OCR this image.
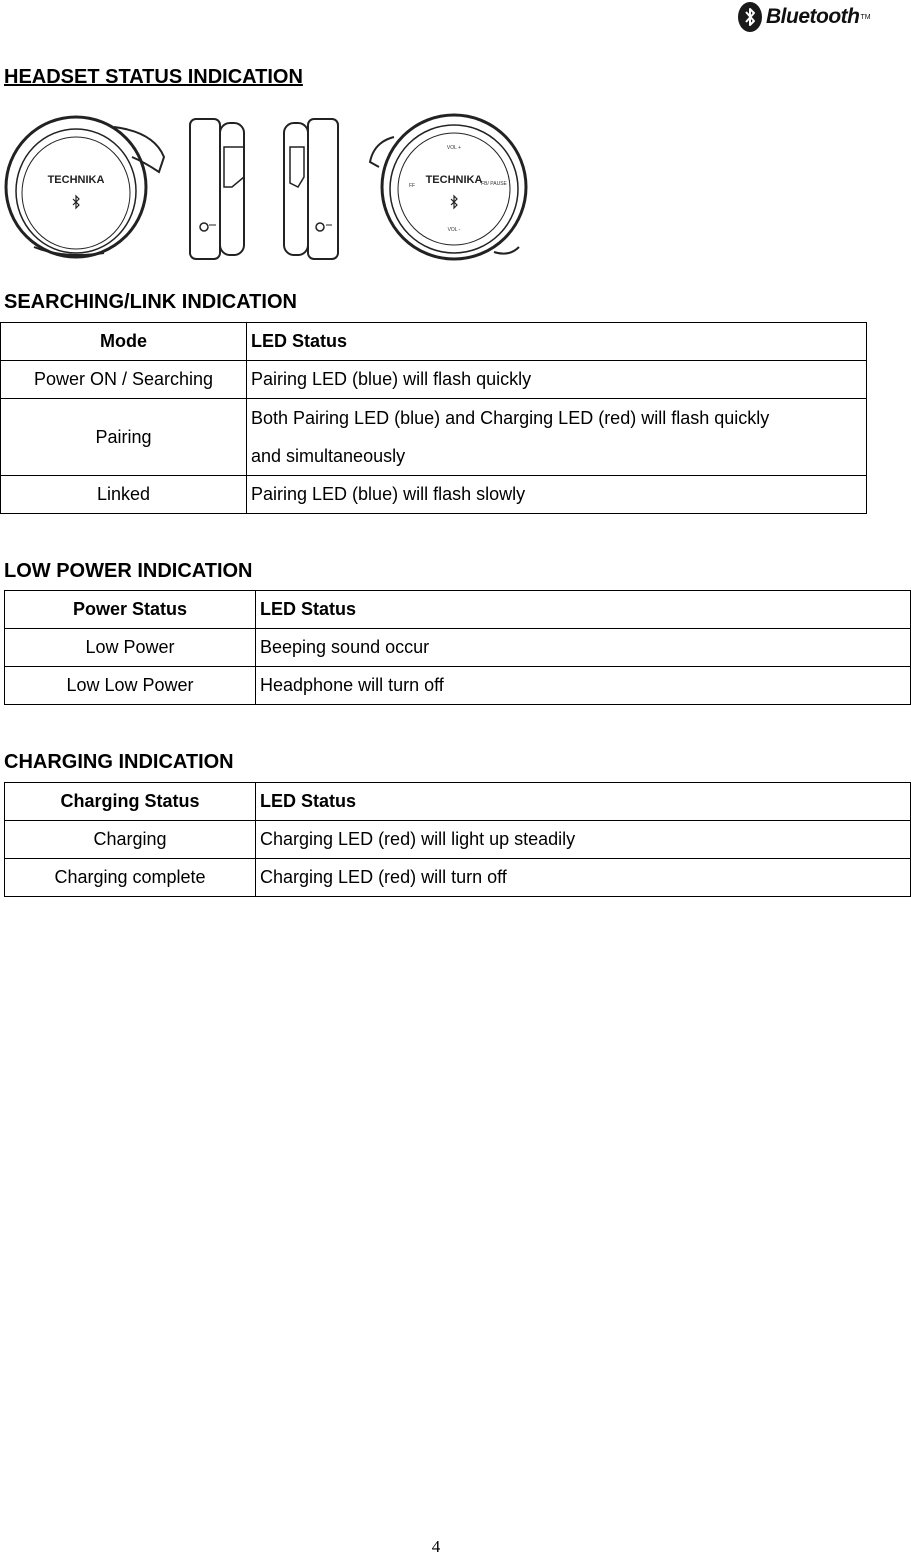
Bluetooth TM
HEADSET STATUS INDICATION
TECHNIKA	TECHNIKA
VOL +
VOL -
FF	FB/ PAUSE
SEARCHING/LINK INDICATION
Mode	LED Status
Power ON / Searching	Pairing LED (blue) will flash quickly
Pairing	Both Pairing LED (blue) and Charging LED (red) will flash quickly
and simultaneously
Linked	Pairing LED (blue) will flash slowly
LOW POWER INDICATION
Power Status	LED Status
Low Power	Beeping sound occur
Low Low Power	Headphone will turn off
CHARGING INDICATION
Charging Status	LED Status
Charging	Charging LED (red) will light up steadily
Charging complete	Charging LED (red) will turn off
4
